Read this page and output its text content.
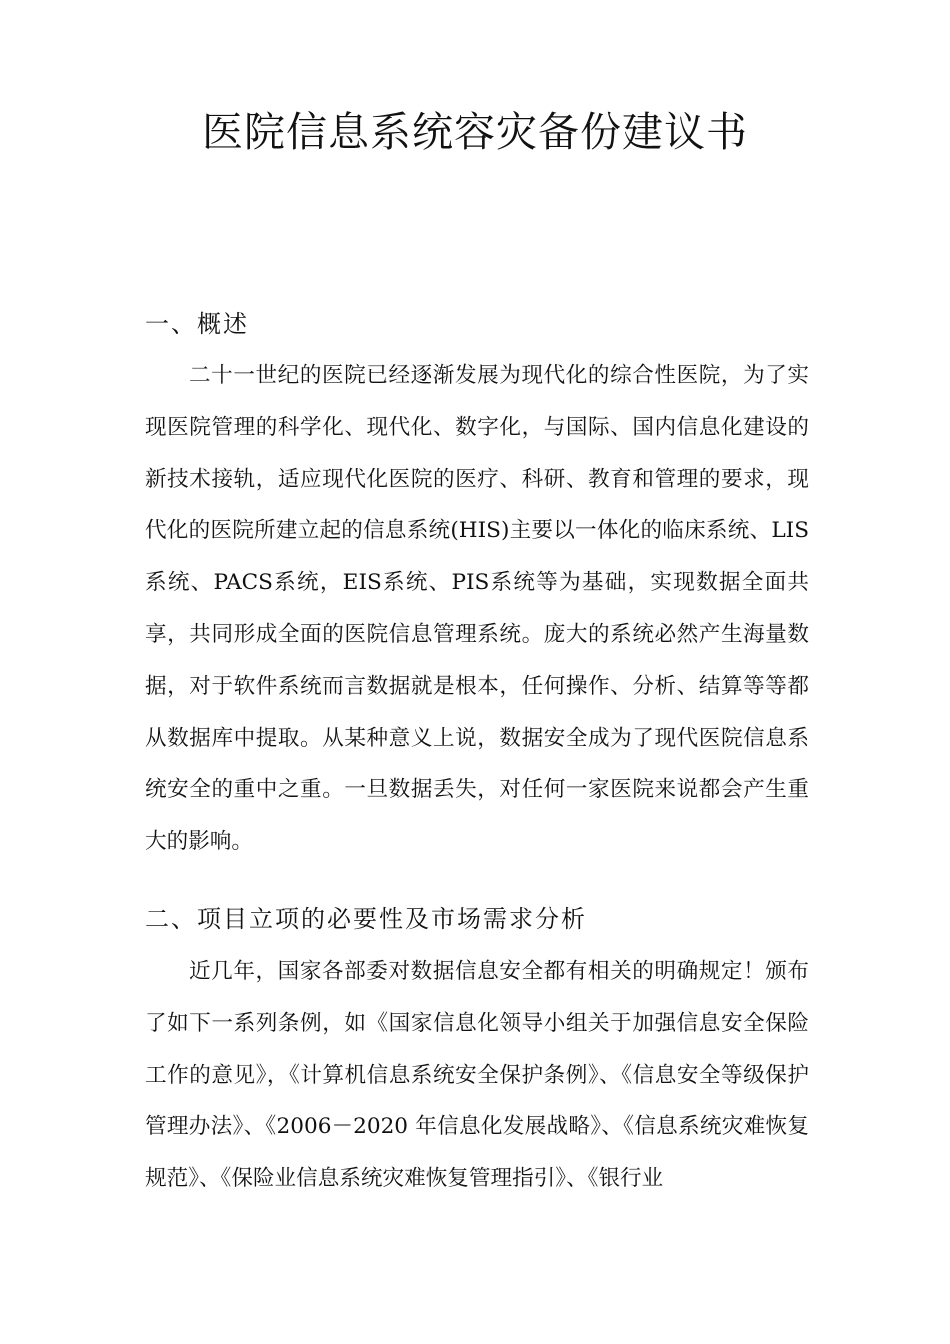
医院信息系统容灾备份建议书
一、概述

二十一世纪的医院已经逐渐发展为现代化的综合性医院，为了实现医院管理的科学化、现代化、数字化，与国际、国内信息化建设的新技术接轨，适应现代化医院的医疗、科研、教育和管理的要求，现代化的医院所建立起的信息系统(HIS)主要以一体化的临床系统、LIS系统、PACS系统，EIS系统、PIS系统等为基础，实现数据全面共享，共同形成全面的医院信息管理系统。庞大的系统必然产生海量数据，对于软件系统而言数据就是根本，任何操作、分析、结算等等都从数据库中提取。从某种意义上说，数据安全成为了现代医院信息系统安全的重中之重。一旦数据丢失，对任何一家医院来说都会产生重大的影响。

二、项目立项的必要性及市场需求分析

近几年，国家各部委对数据信息安全都有相关的明确规定！颁布了如下一系列条例，如《国家信息化领导小组关于加强信息安全保险工作的意见》，《计算机信息系统安全保护条例》、《信息安全等级保护管理办法》、《2006－2020 年信息化发展战略》、《信息系统灾难恢复规范》、《保险业信息系统灾难恢复管理指引》、《银行业
